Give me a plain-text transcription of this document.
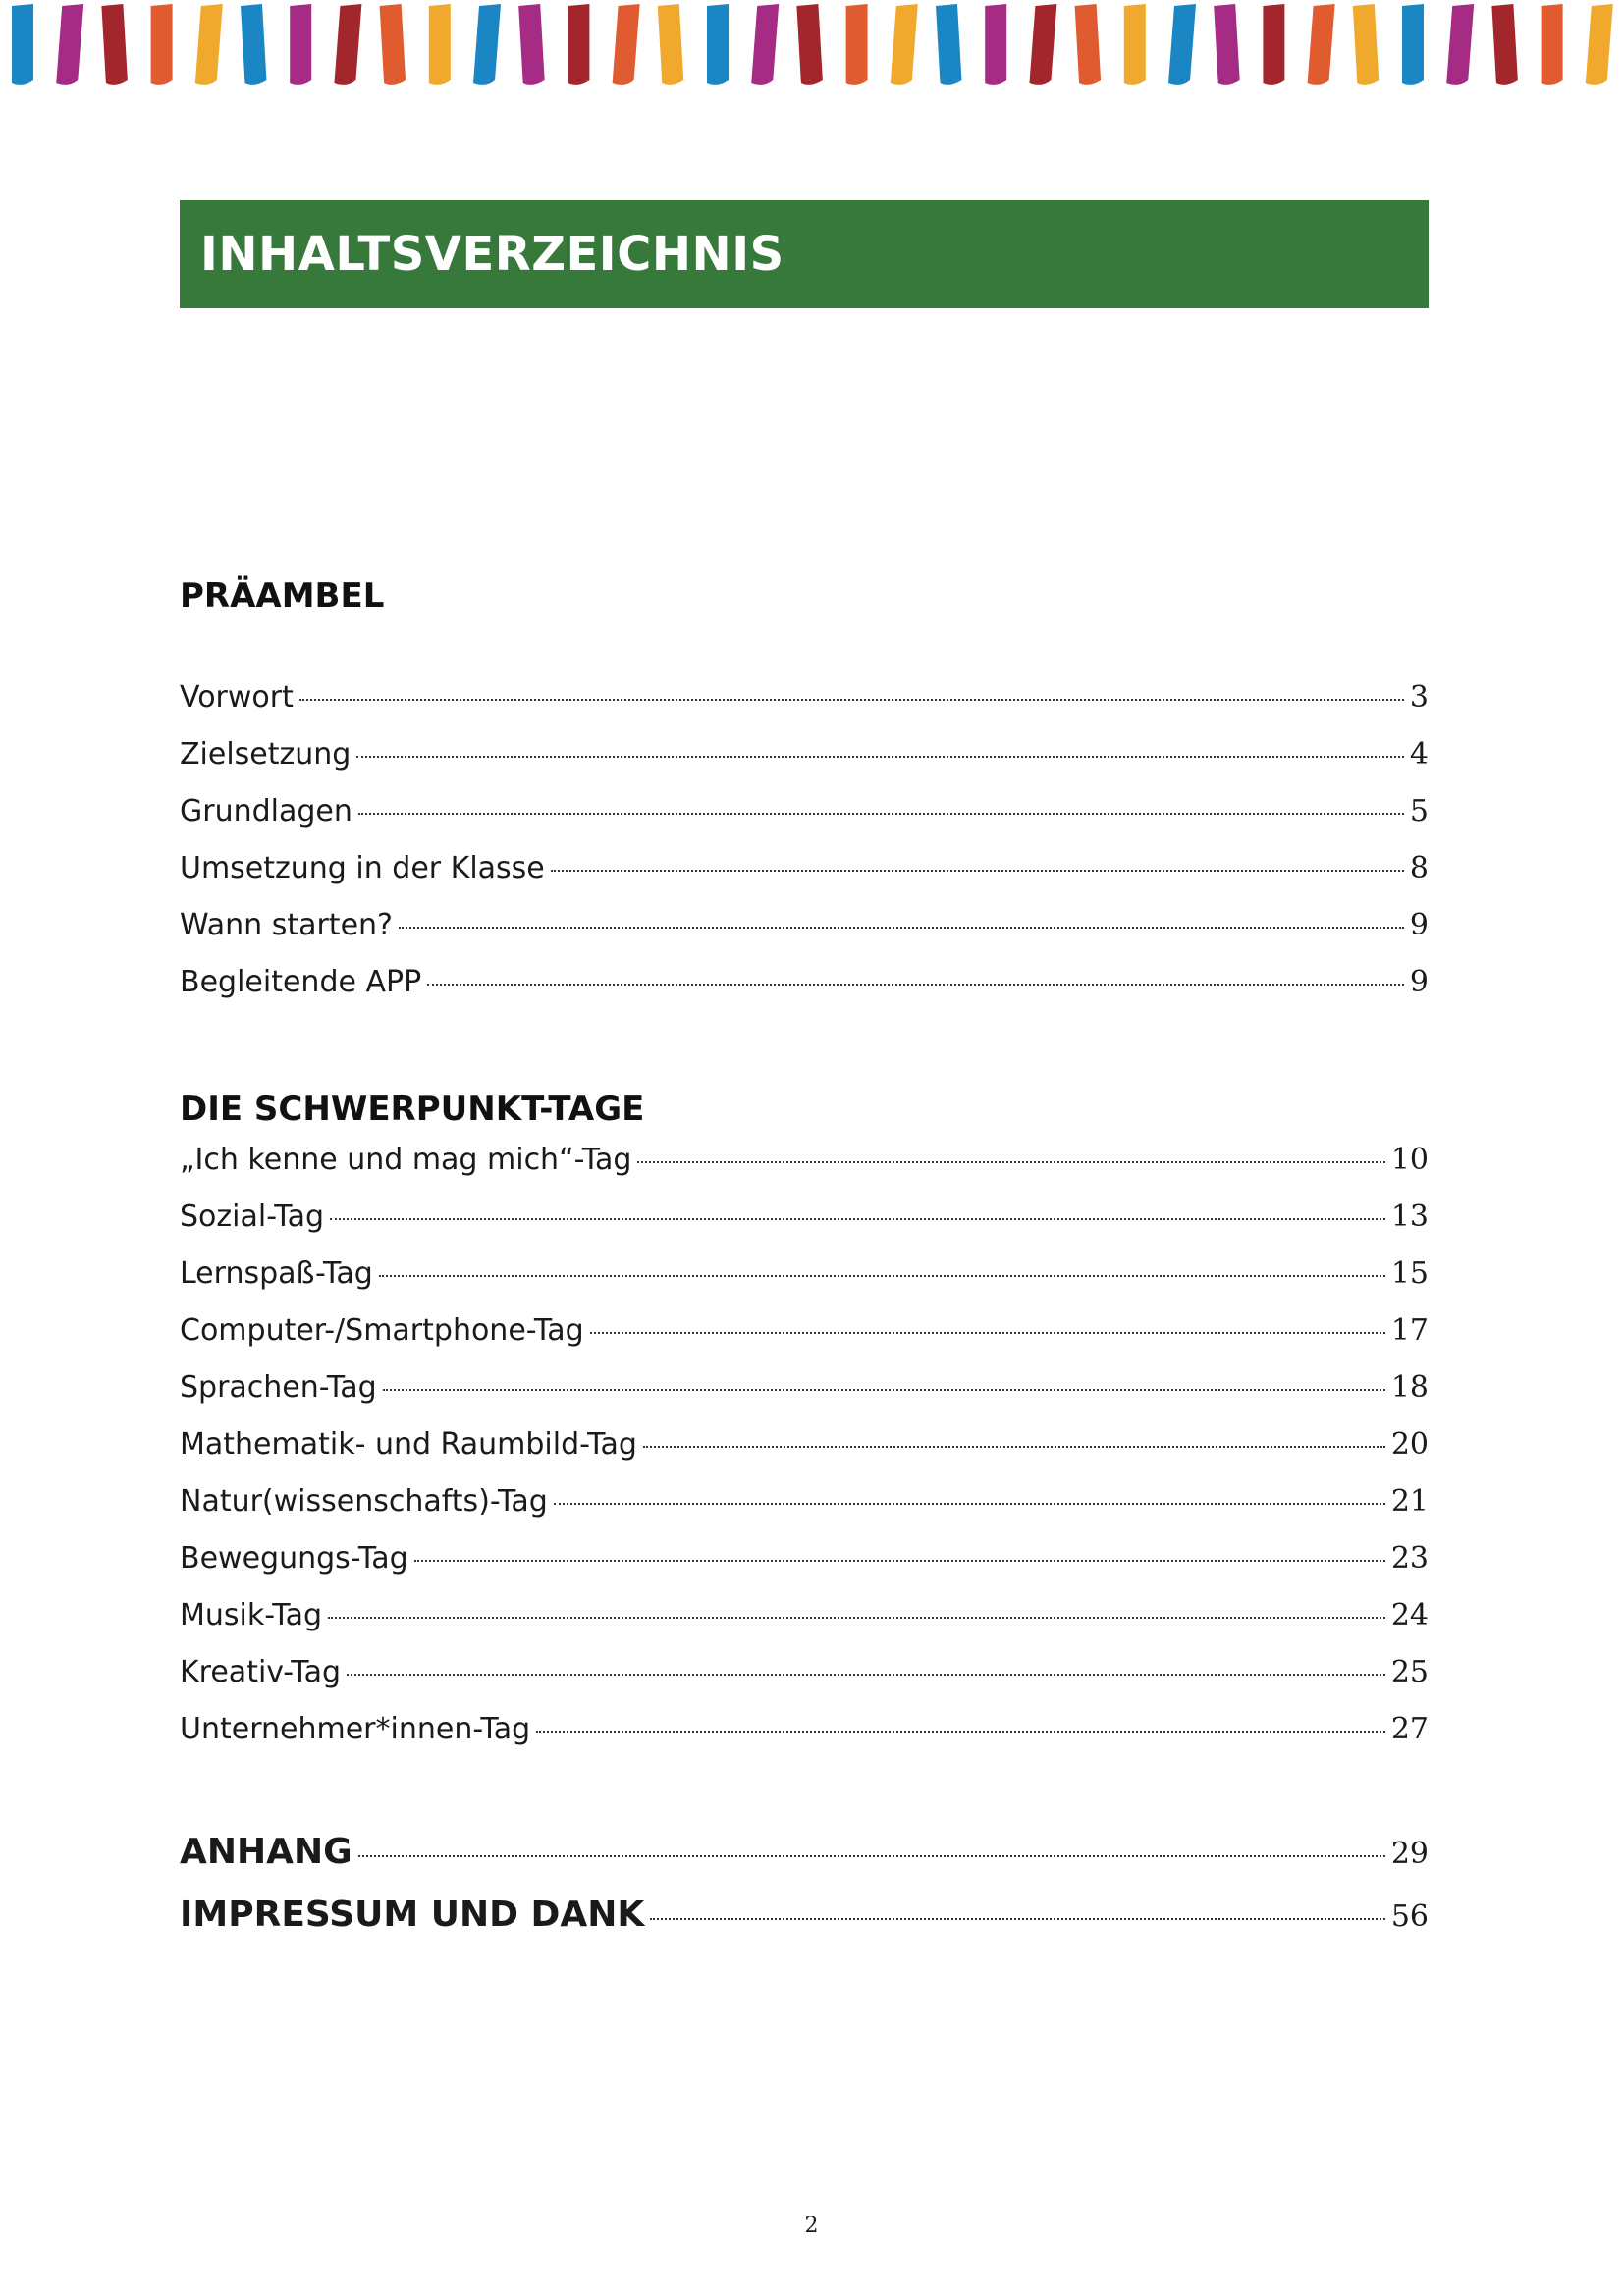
INHALTSVERZEICHNIS
PRÄAMBEL
Vorwort	3
Zielsetzung	4
Grundlagen	5
Umsetzung in der Klasse	8
Wann starten?	9
Begleitende APP	9
DIE SCHWERPUNKT-TAGE
„Ich kenne und mag mich“-Tag	10
Sozial-Tag	13
Lernspaß-Tag	15
Computer-/Smartphone-Tag	17
Sprachen-Tag	18
Mathematik- und Raumbild-Tag	20
Natur(wissenschafts)-Tag	21
Bewegungs-Tag	23
Musik-Tag	24
Kreativ-Tag	25
Unternehmer*innen-Tag	27
ANHANG	29
IMPRESSUM UND DANK	56
2
